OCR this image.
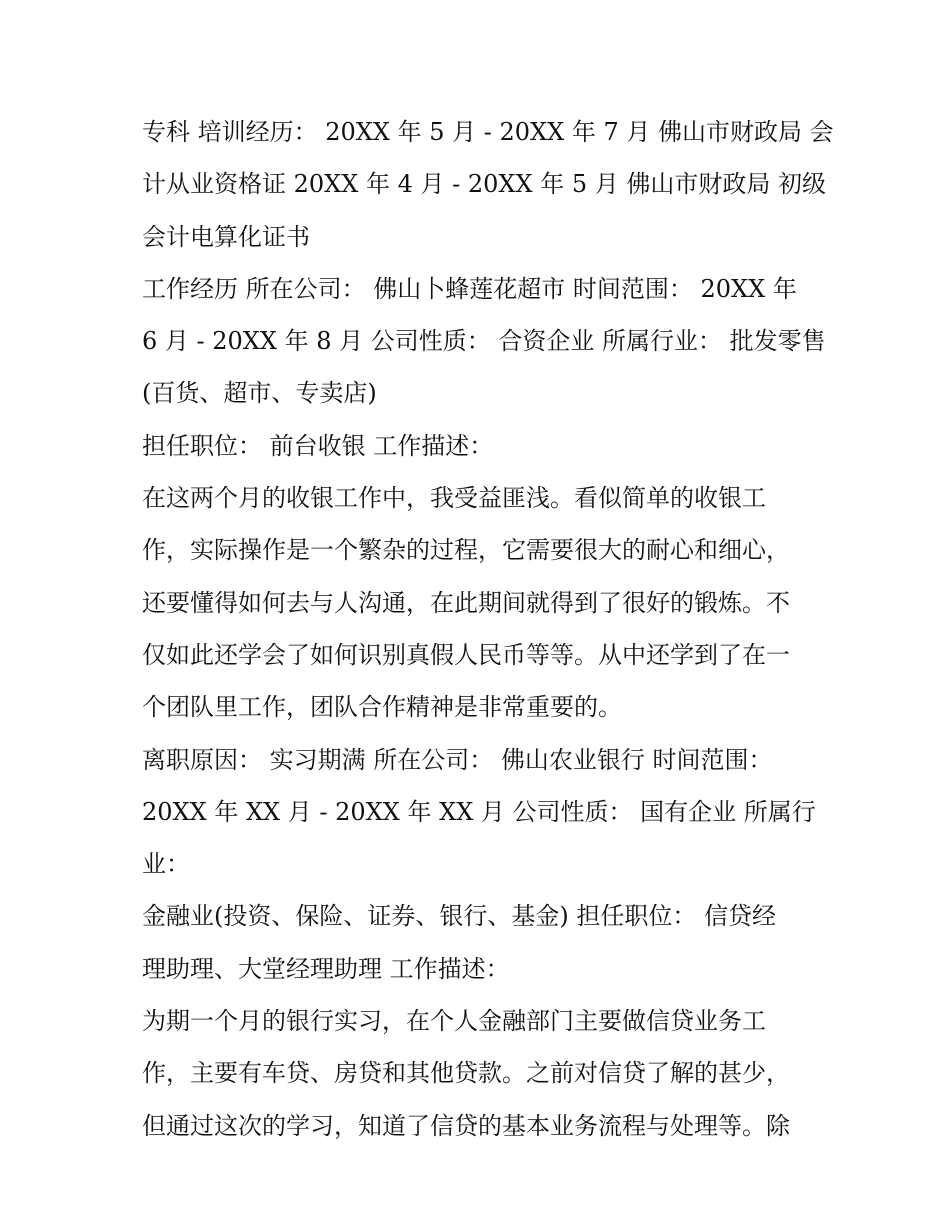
专科 培训经历： 20XX 年 5 月 - 20XX 年 7 月 佛山市财政局 会
计从业资格证 20XX 年 4 月 - 20XX 年 5 月 佛山市财政局 初级
会计电算化证书
工作经历 所在公司： 佛山卜蜂莲花超市 时间范围： 20XX 年
6 月 - 20XX 年 8 月 公司性质： 合资企业 所属行业： 批发零售
(百货、超市、专卖店)
担任职位： 前台收银 工作描述：
在这两个月的收银工作中，我受益匪浅。看似简单的收银工
作，实际操作是一个繁杂的过程，它需要很大的耐心和细心，
还要懂得如何去与人沟通，在此期间就得到了很好的锻炼。不
仅如此还学会了如何识别真假人民币等等。从中还学到了在一
个团队里工作，团队合作精神是非常重要的。
离职原因： 实习期满 所在公司： 佛山农业银行 时间范围：
20XX 年 XX 月 - 20XX 年 XX 月 公司性质： 国有企业 所属行
业：
金融业(投资、保险、证券、银行、基金) 担任职位： 信贷经
理助理、大堂经理助理 工作描述：
为期一个月的银行实习，在个人金融部门主要做信贷业务工
作，主要有车贷、房贷和其他贷款。之前对信贷了解的甚少，
但通过这次的学习，知道了信贷的基本业务流程与处理等。除
